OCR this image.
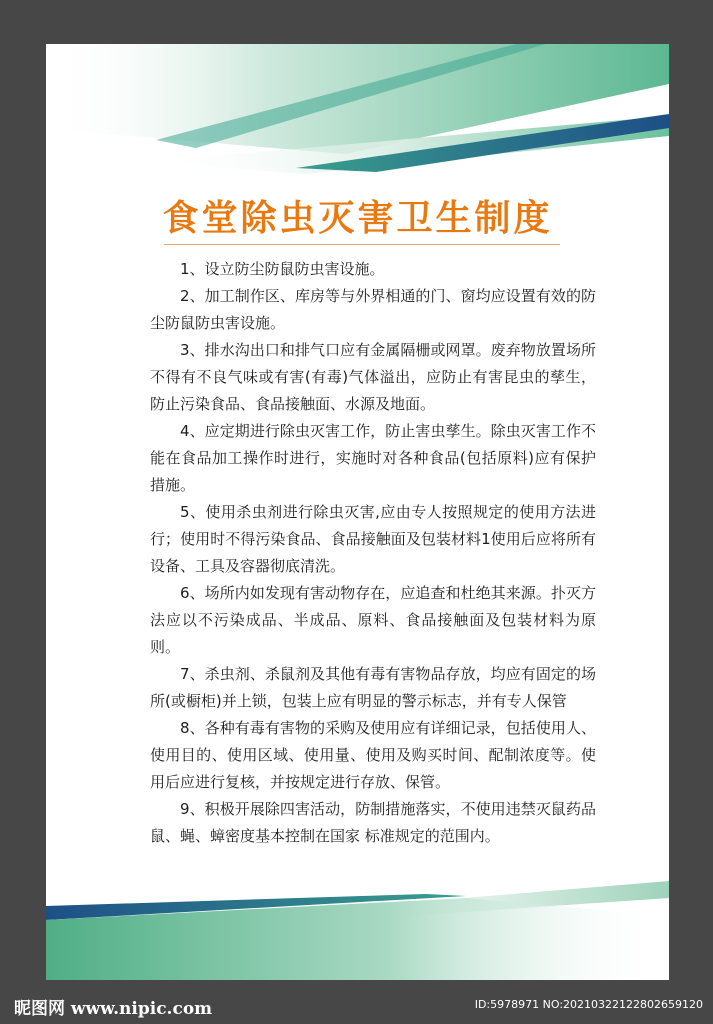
食堂除虫灭害卫生制度

1、设立防尘防鼠防虫害设施。

2、加工制作区、库房等与外界相通的门、窗均应设置有效的防尘防鼠防虫害设施。

3、排水沟出口和排气口应有金属隔栅或网罩。废弃物放置场所不得有不良气味或有害(有毒)气体溢出，应防止有害昆虫的孳生，防止污染食品、食品接触面、水源及地面。

4、应定期进行除虫灭害工作，防止害虫孳生。除虫灭害工作不能在食品加工操作时进行，实施时对各种食品(包括原料)应有保护措施。

5、使用杀虫剂进行除虫灭害,应由专人按照规定的使用方法进行；使用时不得污染食品、食品接触面及包装材料1使用后应将所有设备、工具及容器彻底清洗。

6、场所内如发现有害动物存在，应追查和杜绝其来源。扑灭方法应以不污染成品、半成品、原料、食品接触面及包装材料为原则。

7、杀虫剂、杀鼠剂及其他有毒有害物品存放，均应有固定的场所(或橱柜)并上锁，包装上应有明显的警示标志，并有专人保管

8、各种有毒有害物的采购及使用应有详细记录，包括使用人、使用目的、使用区域、使用量、使用及购买时间、配制浓度等。使用后应进行复核，并按规定进行存放、保管。

9、积极开展除四害活动，防制措施落实，不使用违禁灭鼠药品鼠、蝇、蟑密度基本控制在国家 标准规定的范围内。

昵图网 www.nipic.com	ID:5978971 NO:20210322122802659120
